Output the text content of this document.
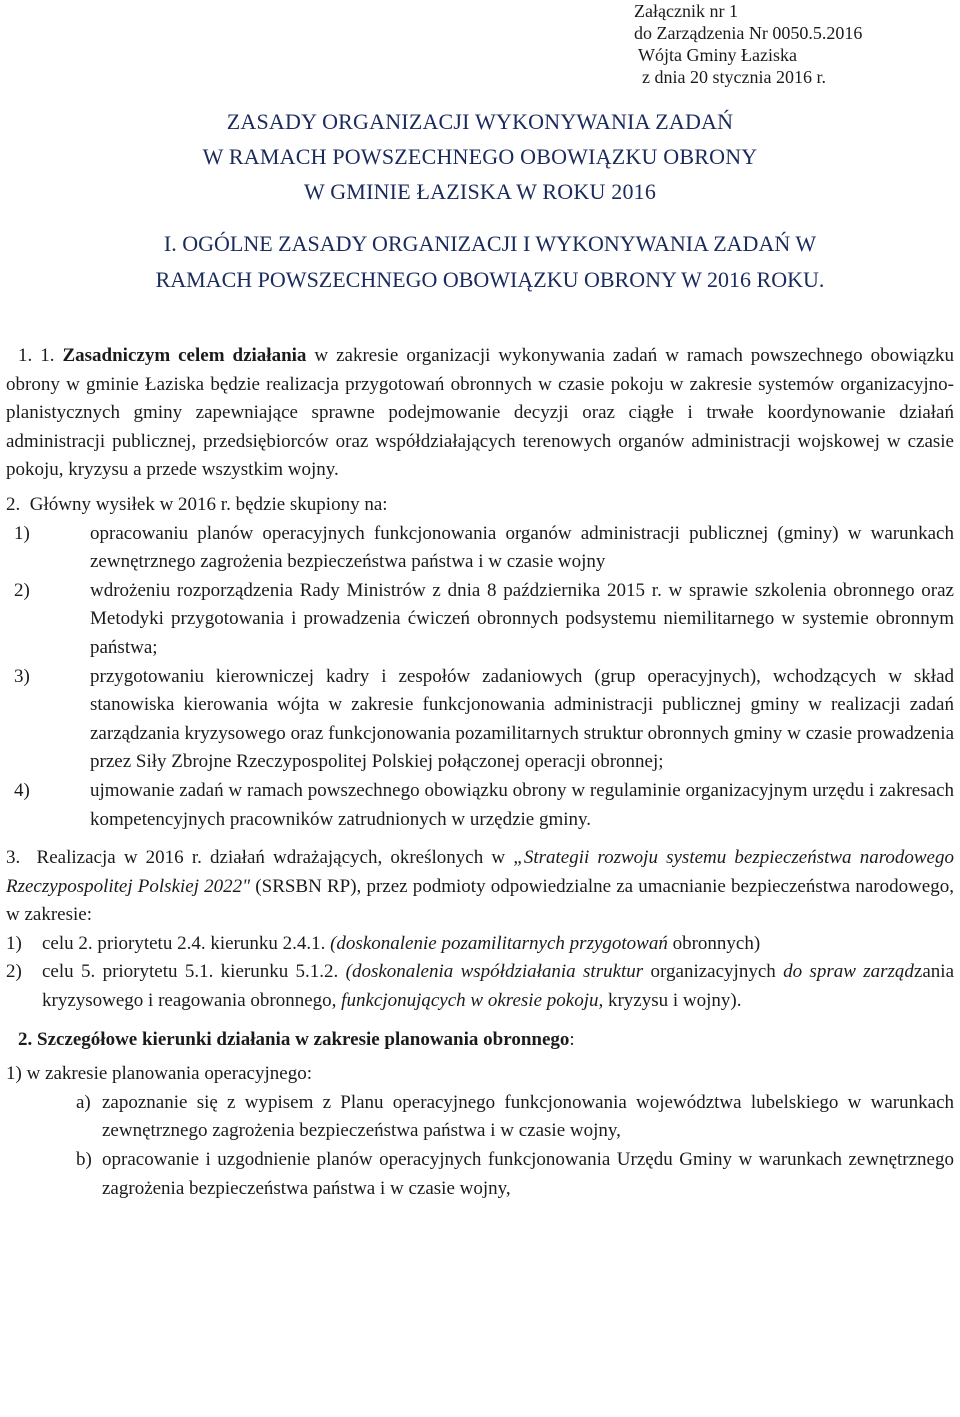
Załącznik nr 1
do Zarządzenia Nr 0050.5.2016
Wójta Gminy Łaziska
z dnia 20 stycznia 2016 r.
ZASADY ORGANIZACJI WYKONYWANIA ZADAŃ
W RAMACH POWSZECHNEGO OBOWIĄZKU OBRONY
W GMINIE ŁAZISKA W ROKU 2016
I. OGÓLNE ZASADY ORGANIZACJI I WYKONYWANIA ZADAŃ W
RAMACH POWSZECHNEGO OBOWIĄZKU OBRONY W 2016 ROKU.

1. 1. Zasadniczym celem działania w zakresie organizacji wykonywania zadań w ramach powszechnego obowiązku obrony w gminie Łaziska będzie realizacja przygotowań obronnych w czasie pokoju w zakresie systemów organizacyjno-planistycznych gminy zapewniające sprawne podejmowanie decyzji oraz ciągłe i trwałe koordynowanie działań administracji publicznej, przedsiębiorców oraz współdziałających terenowych organów administracji wojskowej w czasie pokoju, kryzysu a przede wszystkim wojny.

2.  Główny wysiłek w 2016 r. będzie skupiony na:

1)	opracowaniu planów operacyjnych funkcjonowania organów administracji publicznej (gminy) w warunkach zewnętrznego zagrożenia bezpieczeństwa państwa i w czasie wojny
2)	wdrożeniu rozporządzenia Rady Ministrów z dnia 8 października 2015 r. w sprawie szkolenia obronnego oraz Metodyki przygotowania i prowadzenia ćwiczeń obronnych podsystemu niemilitarnego w systemie obronnym państwa;
3)	przygotowaniu kierowniczej kadry i zespołów zadaniowych (grup operacyjnych), wchodzących w skład stanowiska kierowania wójta w zakresie funkcjonowania administracji publicznej gminy w realizacji zadań zarządzania kryzysowego oraz funkcjonowania pozamilitarnych struktur obronnych gminy w czasie prowadzenia przez Siły Zbrojne Rzeczypospolitej Polskiej połączonej operacji obronnej;
4)	ujmowanie zadań w ramach powszechnego obowiązku obrony w regulaminie organizacyjnym urzędu i zakresach kompetencyjnych pracowników zatrudnionych w urzędzie gminy.

3.  Realizacja w 2016 r. działań wdrażających, określonych w „Strategii rozwoju systemu bezpieczeństwa narodowego Rzeczypospolitej Polskiej 2022" (SRSBN RP), przez podmioty odpowiedzialne za umacnianie bezpieczeństwa narodowego, w zakresie:

1)	celu 2. priorytetu 2.4. kierunku 2.4.1. (doskonalenie pozamilitarnych przygotowań obronnych)
2)	celu 5. priorytetu 5.1. kierunku 5.1.2. (doskonalenia współdziałania struktur organizacyjnych do spraw zarządzania kryzysowego i reagowania obronnego, funkcjonujących w okresie pokoju, kryzysu i wojny).

2. Szczegółowe kierunki działania w zakresie planowania obronnego:

1) w zakresie planowania operacyjnego:

a) zapoznanie się z wypisem z Planu operacyjnego funkcjonowania województwa lubelskiego w warunkach zewnętrznego zagrożenia bezpieczeństwa państwa i w czasie wojny,
b) opracowanie i uzgodnienie planów operacyjnych funkcjonowania Urzędu Gminy w warunkach zewnętrznego zagrożenia bezpieczeństwa państwa i w czasie wojny,
